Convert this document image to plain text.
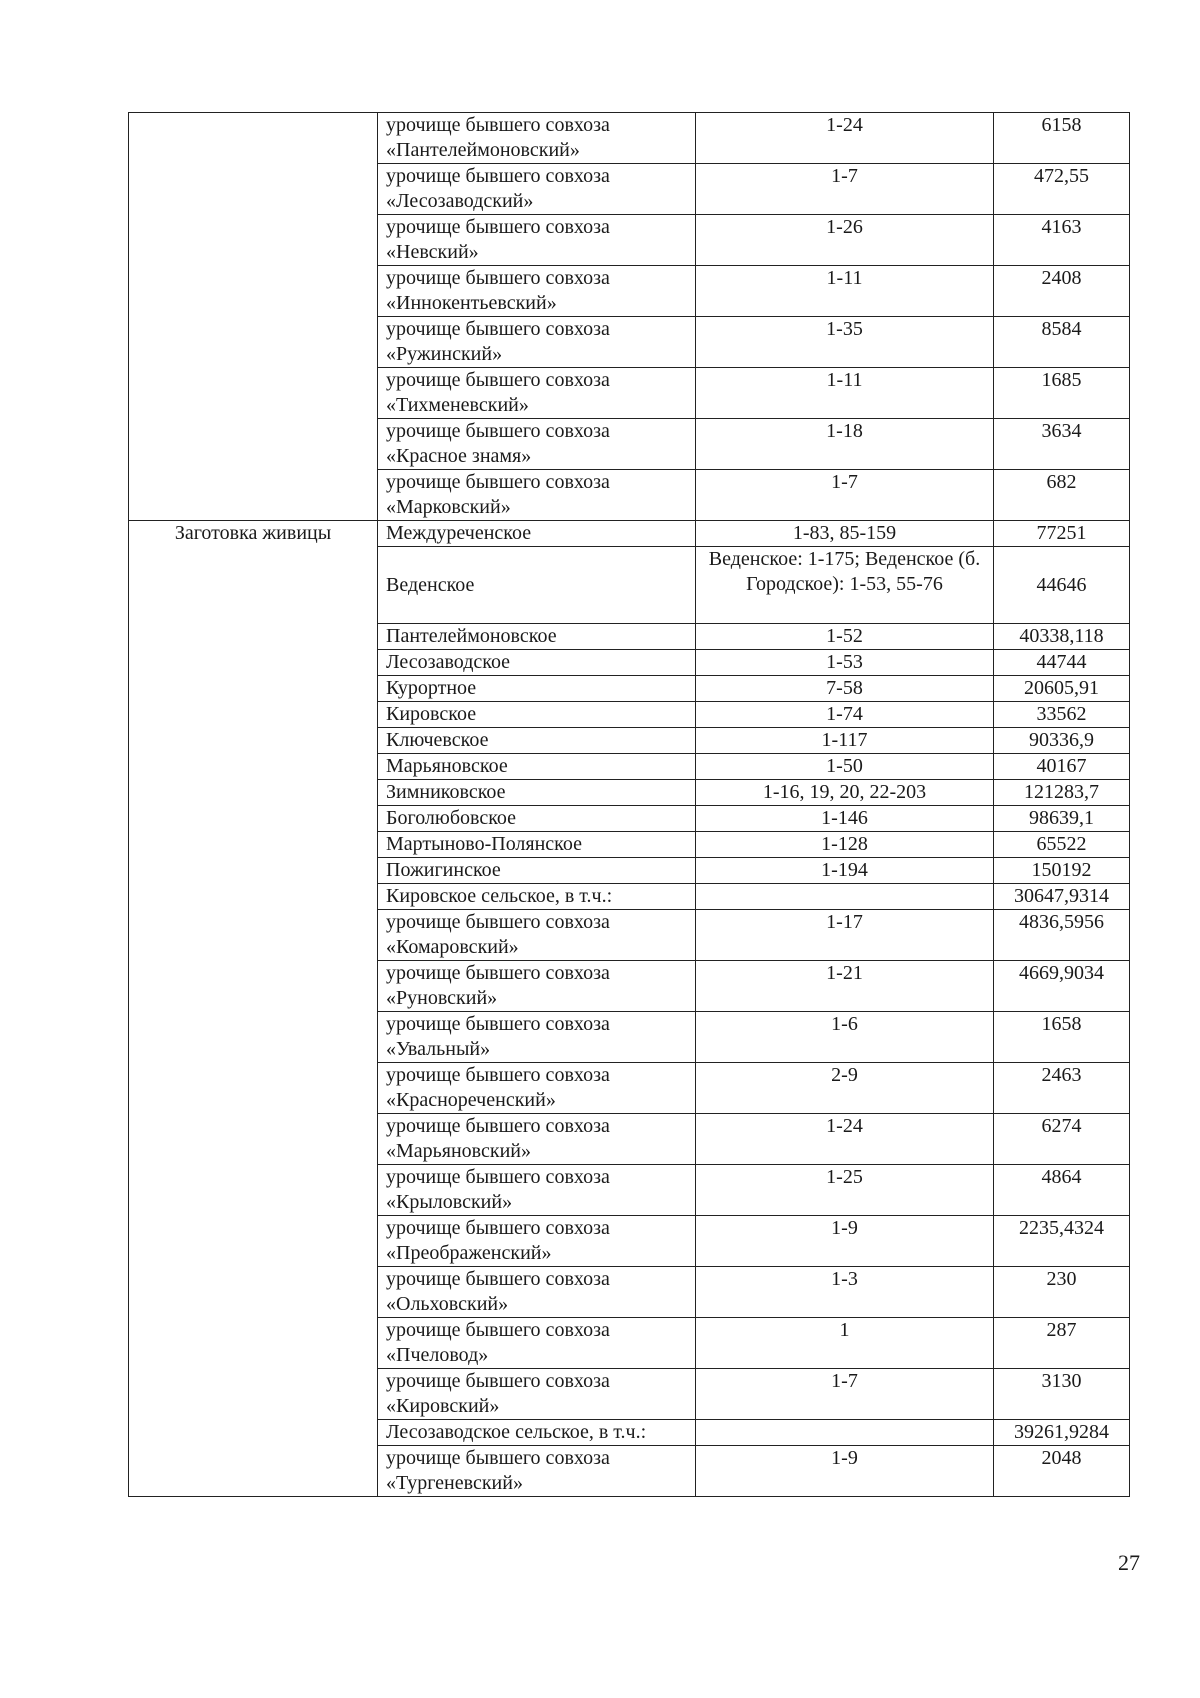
	урочище бывшего совхоза «Пантелеймоновский»	1-24	6158
	урочище бывшего совхоза «Лесозаводский»	1-7	472,55
	урочище бывшего совхоза «Невский»	1-26	4163
	урочище бывшего совхоза «Иннокентьевский»	1-11	2408
	урочище бывшего совхоза «Ружинский»	1-35	8584
	урочище бывшего совхоза «Тихменевский»	1-11	1685
	урочище бывшего совхоза «Красное знамя»	1-18	3634
	урочище бывшего совхоза «Марковский»	1-7	682
Заготовка живицы	Междуреченское	1-83, 85-159	77251
	Веденское	Веденское: 1-175; Веденское (б. Городское): 1-53, 55-76	44646
	Пантелеймоновское	1-52	40338,118
	Лесозаводское	1-53	44744
	Курортное	7-58	20605,91
	Кировское	1-74	33562
	Ключевское	1-117	90336,9
	Марьяновское	1-50	40167
	Зимниковское	1-16, 19, 20, 22-203	121283,7
	Боголюбовское	1-146	98639,1
	Мартыново-Полянское	1-128	65522
	Пожигинское	1-194	150192
	Кировское сельское, в т.ч.:		30647,9314
	урочище бывшего совхоза «Комаровский»	1-17	4836,5956
	урочище бывшего совхоза «Руновский»	1-21	4669,9034
	урочище бывшего совхоза «Увальный»	1-6	1658
	урочище бывшего совхоза «Краснореченский»	2-9	2463
	урочище бывшего совхоза «Марьяновский»	1-24	6274
	урочище бывшего совхоза «Крыловский»	1-25	4864
	урочище бывшего совхоза «Преображенский»	1-9	2235,4324
	урочище бывшего совхоза «Ольховский»	1-3	230
	урочище бывшего совхоза «Пчеловод»	1	287
	урочище бывшего совхоза «Кировский»	1-7	3130
	Лесозаводское сельское, в т.ч.:		39261,9284
	урочище бывшего совхоза «Тургеневский»	1-9	2048
27
